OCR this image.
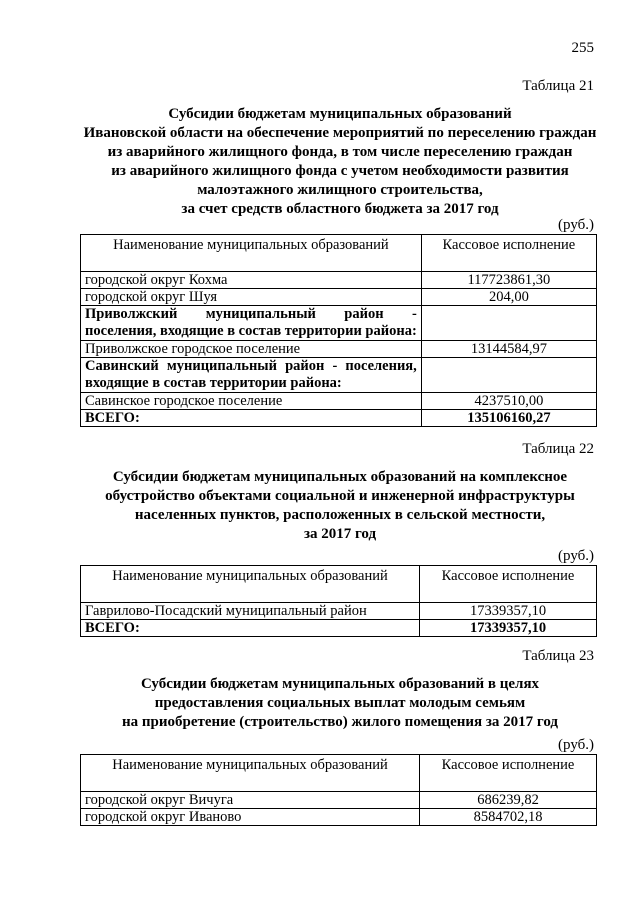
255
Таблица 21
Субсидии бюджетам муниципальных образований
Ивановской области на обеспечение мероприятий по переселению граждан
из аварийного жилищного фонда, в том числе переселению граждан
из аварийного жилищного фонда с учетом необходимости развития
малоэтажного жилищного строительства,
за счет средств областного бюджета за 2017 год
(руб.)
Наименование муниципальных образований	Кассовое исполнение
городской округ Кохма	117723861,30
городской округ Шуя	204,00

Приволжский муниципальный район -
поселения, входящие в состав территории района:	

Приволжское городское поселение	13144584,97

Савинский муниципальный район - поселения,
входящие в состав территории района:	

Савинское городское поселение	4237510,00
ВСЕГО:	135106160,27
Таблица 22
Субсидии бюджетам муниципальных образований на комплексное
обустройство объектами социальной и инженерной инфраструктуры
населенных пунктов, расположенных в сельской местности,
за 2017 год
(руб.)
Наименование муниципальных образований	Кассовое исполнение
Гаврилово-Посадский муниципальный район	17339357,10
ВСЕГО:	17339357,10
Таблица 23
Субсидии бюджетам муниципальных образований в целях
предоставления социальных выплат молодым семьям
на приобретение (строительство) жилого помещения за 2017 год
(руб.)
Наименование муниципальных образований	Кассовое исполнение
городской округ Вичуга	686239,82
городской округ Иваново	8584702,18
